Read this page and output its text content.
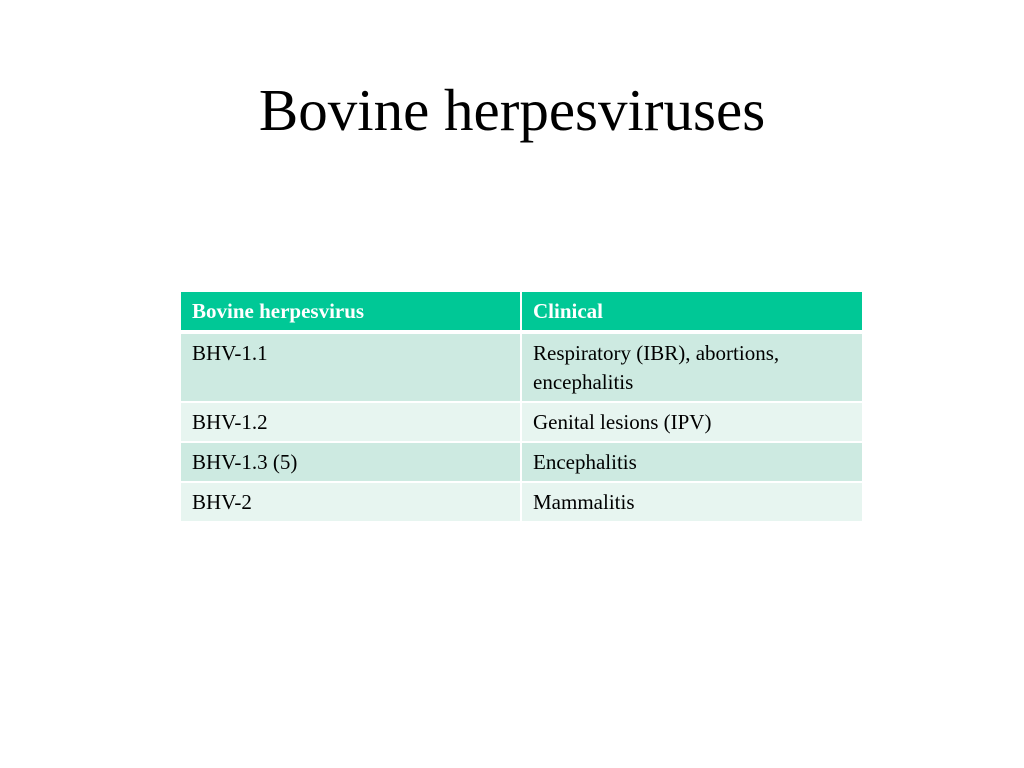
Bovine herpesviruses
Bovine herpesvirus	Clinical
BHV-1.1	Respiratory (IBR), abortions, encephalitis
BHV-1.2	Genital lesions (IPV)
BHV-1.3 (5)	Encephalitis
BHV-2	Mammalitis
